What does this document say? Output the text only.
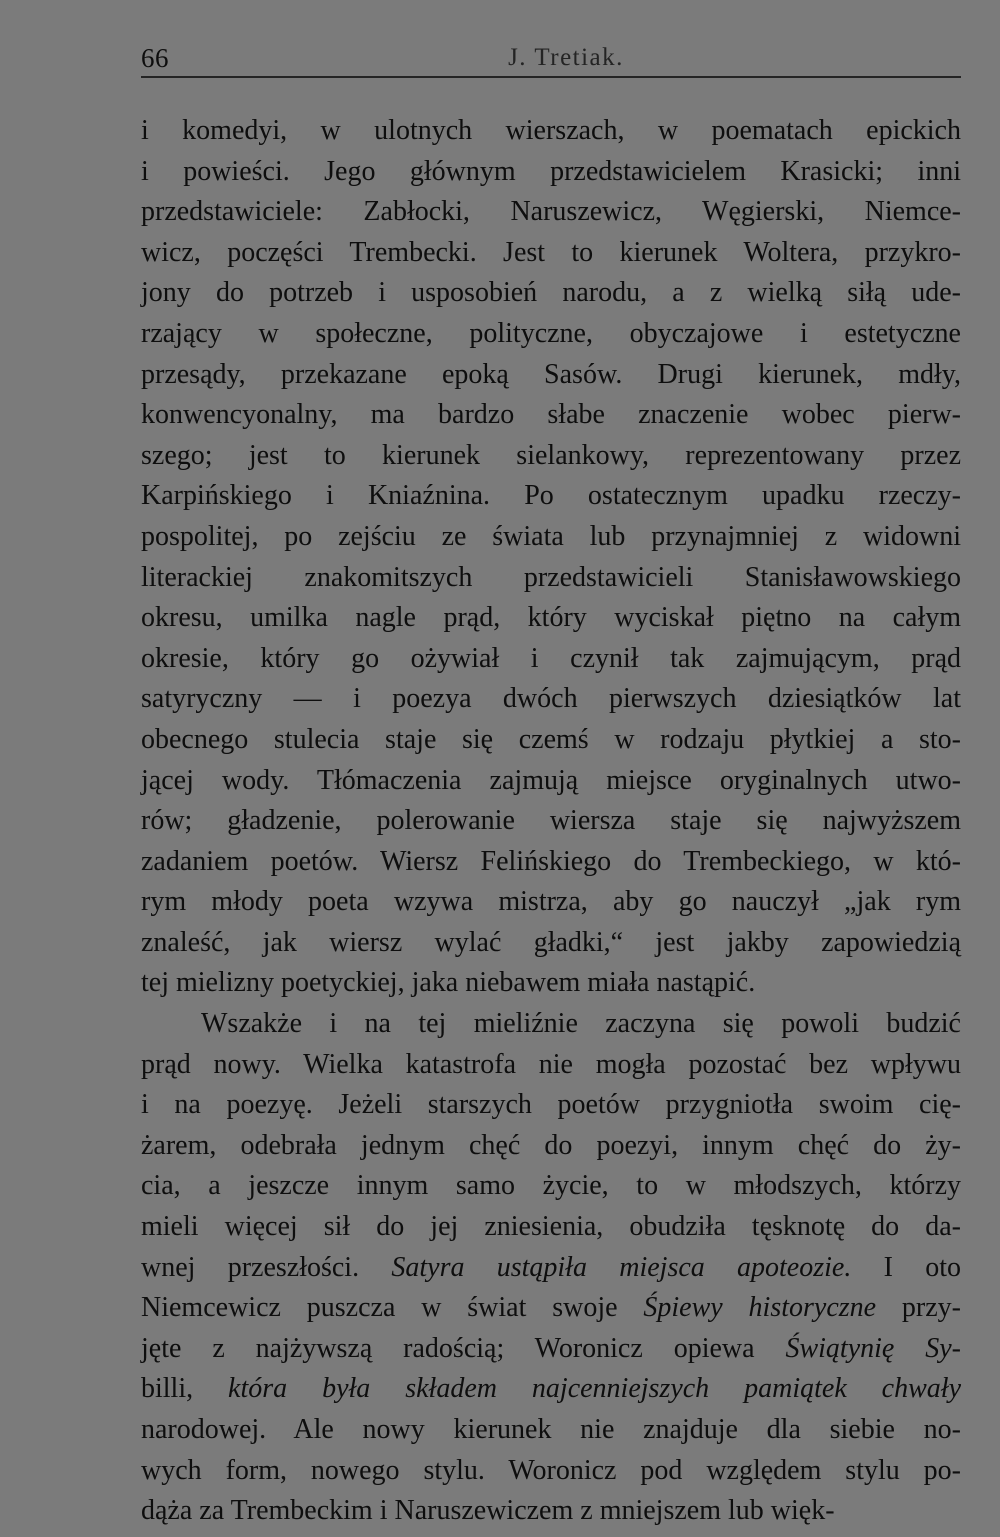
66	J. Tretiak.
i komedyi, w ulotnych wierszach, w poematach epickich
i powieści. Jego głównym przedstawicielem Krasicki; inni
przedstawiciele: Zabłocki, Naruszewicz, Węgierski, Niemce-
wicz, poczęści Trembecki. Jest to kierunek Woltera, przykro-
jony do potrzeb i usposobień narodu, a z wielką siłą ude-
rzający w społeczne, polityczne, obyczajowe i estetyczne
przesądy, przekazane epoką Sasów. Drugi kierunek, mdły,
konwencyonalny, ma bardzo słabe znaczenie wobec pierw-
szego; jest to kierunek sielankowy, reprezentowany przez
Karpińskiego i Kniaźnina. Po ostatecznym upadku rzeczy-
pospolitej, po zejściu ze świata lub przynajmniej z widowni
literackiej znakomitszych przedstawicieli Stanisławowskiego
okresu, umilka nagle prąd, który wyciskał piętno na całym
okresie, który go ożywiał i czynił tak zajmującym, prąd
satyryczny — i poezya dwóch pierwszych dziesiątków lat
obecnego stulecia staje się czemś w rodzaju płytkiej a sto-
jącej wody. Tłómaczenia zajmują miejsce oryginalnych utwo-
rów; gładzenie, polerowanie wiersza staje się najwyższem
zadaniem poetów. Wiersz Felińskiego do Trembeckiego, w któ-
rym młody poeta wzywa mistrza, aby go nauczył „jak rym
znaleść, jak wiersz wylać gładki,“ jest jakby zapowiedzią
tej mielizny poetyckiej, jaka niebawem miała nastąpić.
Wszakże i na tej mieliźnie zaczyna się powoli budzić
prąd nowy. Wielka katastrofa nie mogła pozostać bez wpływu
i na poezyę. Jeżeli starszych poetów przygniotła swoim cię-
żarem, odebrała jednym chęć do poezyi, innym chęć do ży-
cia, a jeszcze innym samo życie, to w młodszych, którzy
mieli więcej sił do jej zniesienia, obudziła tęsknotę do da-
wnej przeszłości. Satyra ustąpiła miejsca apoteozie. I oto
Niemcewicz puszcza w świat swoje Śpiewy historyczne przy-
jęte z najżywszą radością; Woronicz opiewa Świątynię Sy-
billi, która była składem najcenniejszych pamiątek chwały
narodowej. Ale nowy kierunek nie znajduje dla siebie no-
wych form, nowego stylu. Woronicz pod względem stylu po-
dąża za Trembeckim i Naruszewiczem z mniejszem lub więk-
